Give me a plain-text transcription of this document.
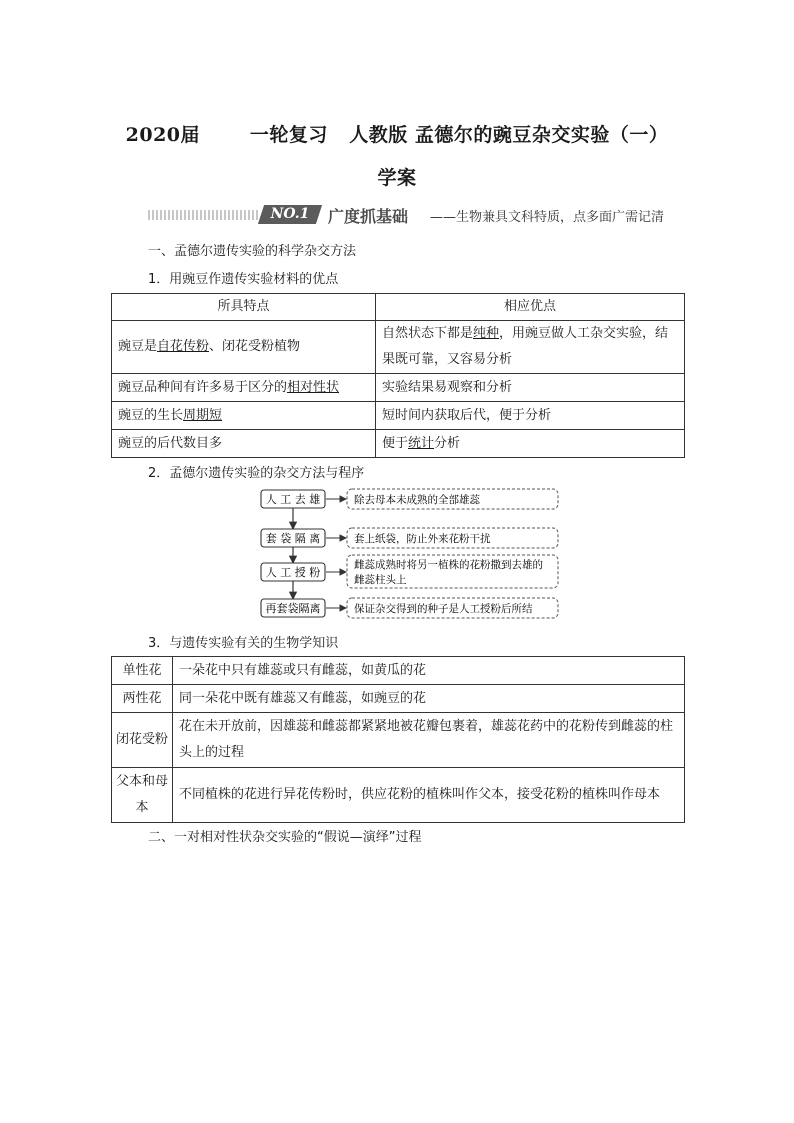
2020届	一轮复习 人教版 孟德尔的豌豆杂交实验（一）
学案
NO.1	广度抓基础 ——生物兼具文科特质，点多面广需记清
一、孟德尔遗传实验的科学杂交方法
1．用豌豆作遗传实验材料的优点
所具特点	相应优点
豌豆是自花传粉、闭花受粉植物	自然状态下都是纯种，用豌豆做人工杂交实验，结果既可靠，又容易分析
豌豆品种间有许多易于区分的相对性状	实验结果易观察和分析
豌豆的生长周期短	短时间内获取后代，便于分析
豌豆的后代数目多	便于统计分析
2．孟德尔遗传实验的杂交方法与程序
人 工 去 雄
套 袋 隔 离
人 工 授 粉
再套袋隔离
除去母本未成熟的全部雄蕊
套上纸袋，防止外来花粉干扰
雌蕊成熟时将另一植株的花粉撒到去雄的
雌蕊柱头上
保证杂交得到的种子是人工授粉后所结
3．与遗传实验有关的生物学知识
单性花	一朵花中只有雄蕊或只有雌蕊，如黄瓜的花
两性花	同一朵花中既有雄蕊又有雌蕊，如豌豆的花
闭花受粉	花在未开放前，因雄蕊和雌蕊都紧紧地被花瓣包裹着，雄蕊花药中的花粉传到雌蕊的柱头上的过程
父本和母本	不同植株的花进行异花传粉时，供应花粉的植株叫作父本，接受花粉的植株叫作母本
二、一对相对性状杂交实验的“假说—演绎”过程
